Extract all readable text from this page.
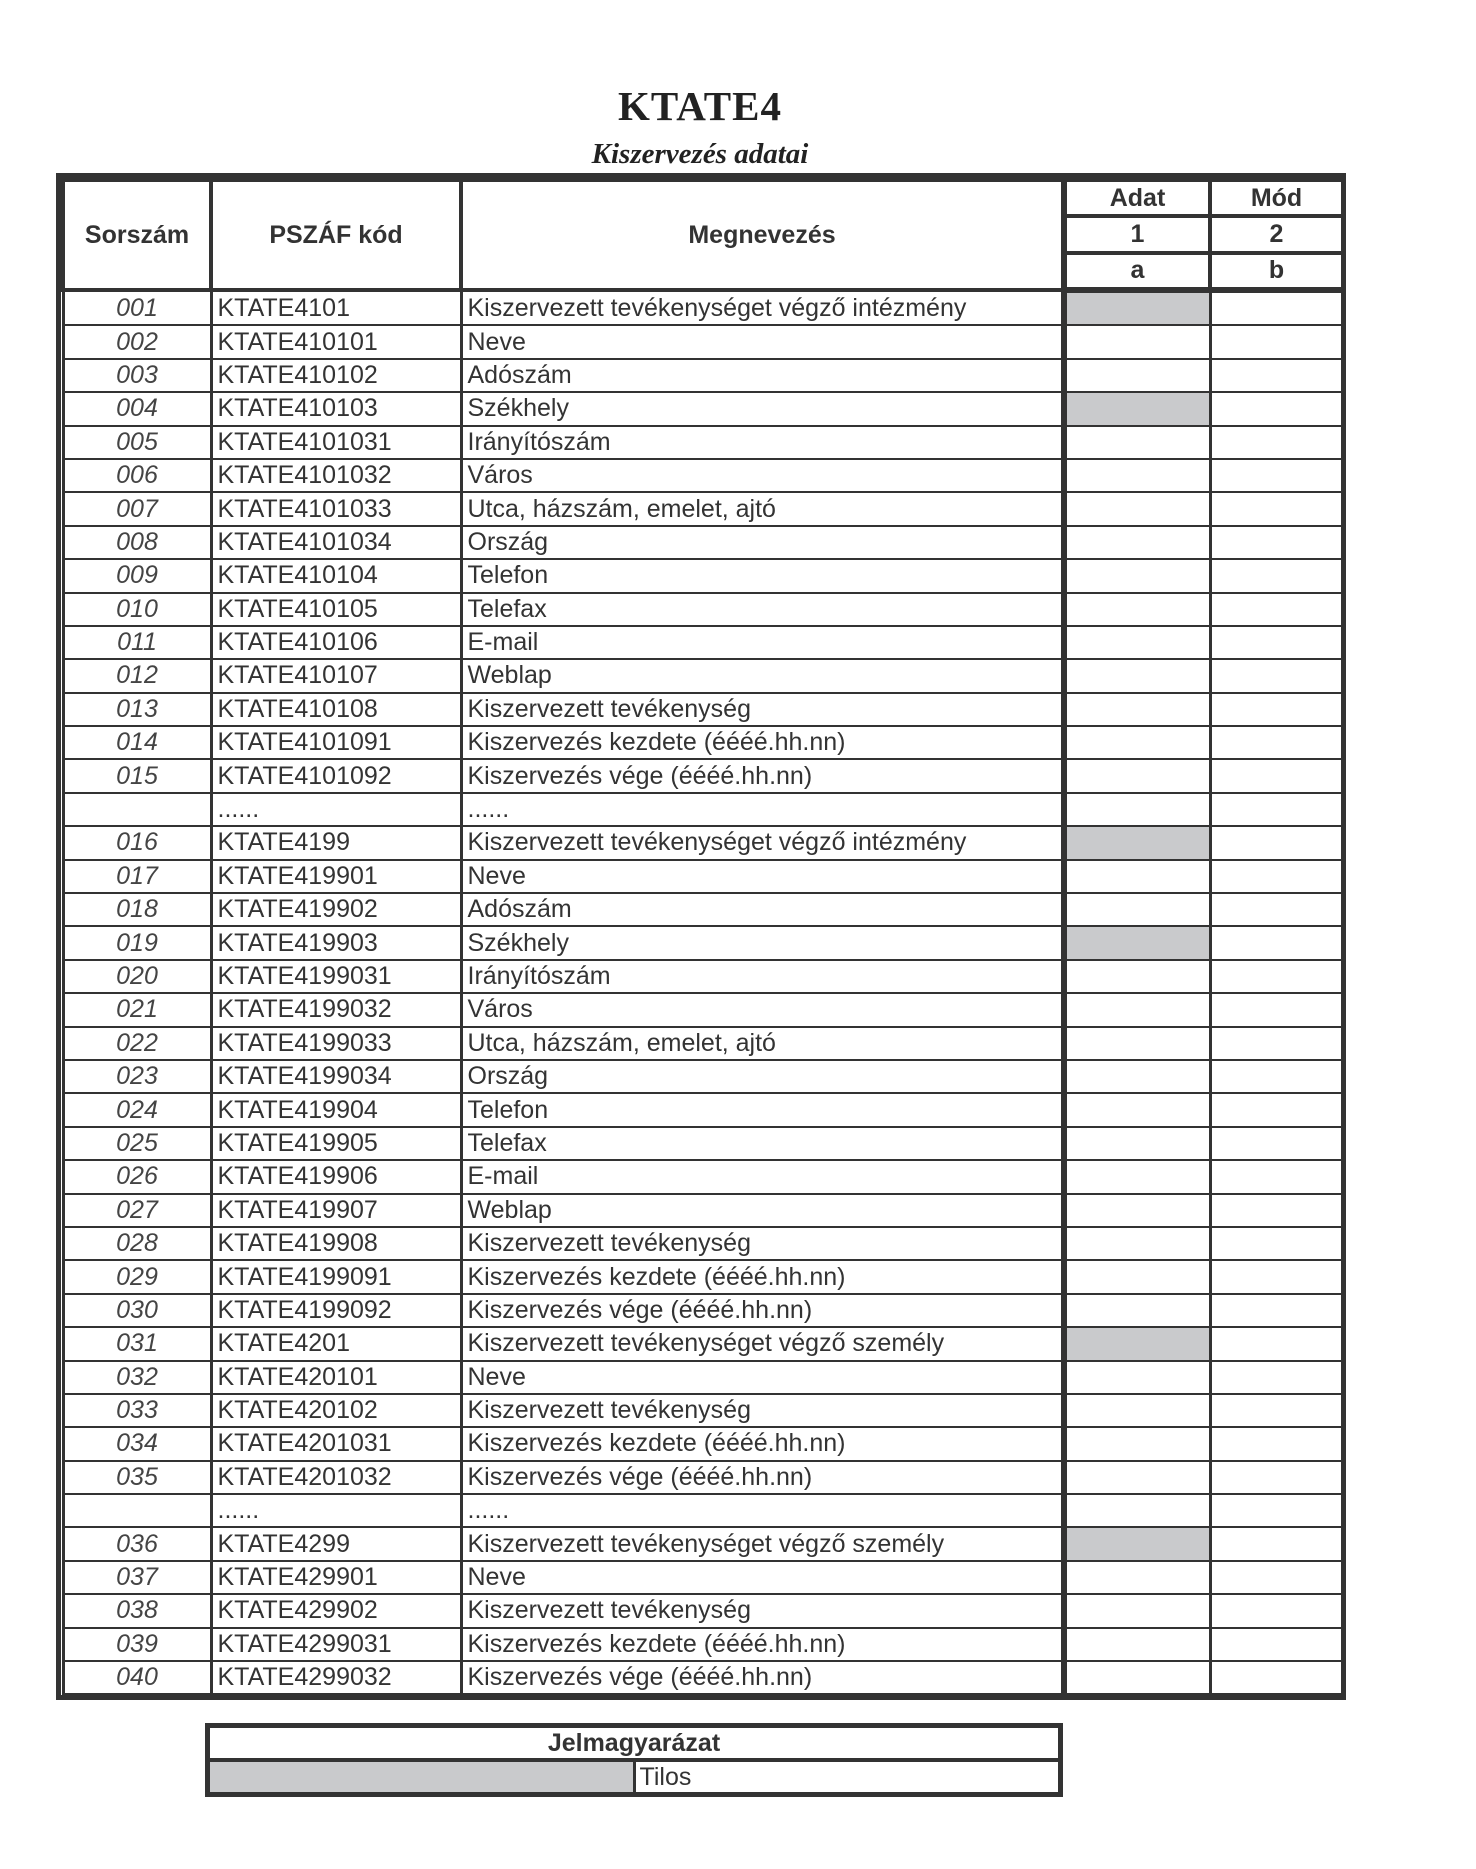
KTATE4
Kiszervezés adatai
Sorszám	PSZÁF kód	Megnevezés	Adat	Mód
			1	2
			a	b
001	KTATE4101	Kiszervezett tevékenységet végző intézmény		
002	KTATE410101	Neve		
003	KTATE410102	Adószám		
004	KTATE410103	Székhely		
005	KTATE4101031	Irányítószám		
006	KTATE4101032	Város		
007	KTATE4101033	Utca, házszám, emelet, ajtó		
008	KTATE4101034	Ország		
009	KTATE410104	Telefon		
010	KTATE410105	Telefax		
011	KTATE410106	E-mail		
012	KTATE410107	Weblap		
013	KTATE410108	Kiszervezett tevékenység		
014	KTATE4101091	Kiszervezés kezdete (éééé.hh.nn)		
015	KTATE4101092	Kiszervezés vége (éééé.hh.nn)		
	......	......		
016	KTATE4199	Kiszervezett tevékenységet végző intézmény		
017	KTATE419901	Neve		
018	KTATE419902	Adószám		
019	KTATE419903	Székhely		
020	KTATE4199031	Irányítószám		
021	KTATE4199032	Város		
022	KTATE4199033	Utca, házszám, emelet, ajtó		
023	KTATE4199034	Ország		
024	KTATE419904	Telefon		
025	KTATE419905	Telefax		
026	KTATE419906	E-mail		
027	KTATE419907	Weblap		
028	KTATE419908	Kiszervezett tevékenység		
029	KTATE4199091	Kiszervezés kezdete (éééé.hh.nn)		
030	KTATE4199092	Kiszervezés vége (éééé.hh.nn)		
031	KTATE4201	Kiszervezett tevékenységet végző személy		
032	KTATE420101	Neve		
033	KTATE420102	Kiszervezett tevékenység		
034	KTATE4201031	Kiszervezés kezdete (éééé.hh.nn)		
035	KTATE4201032	Kiszervezés vége (éééé.hh.nn)		
	......	......		
036	KTATE4299	Kiszervezett tevékenységet végző személy		
037	KTATE429901	Neve		
038	KTATE429902	Kiszervezett tevékenység		
039	KTATE4299031	Kiszervezés kezdete (éééé.hh.nn)		
040	KTATE4299032	Kiszervezés vége (éééé.hh.nn)		
Jelmagyarázat
	Tilos
